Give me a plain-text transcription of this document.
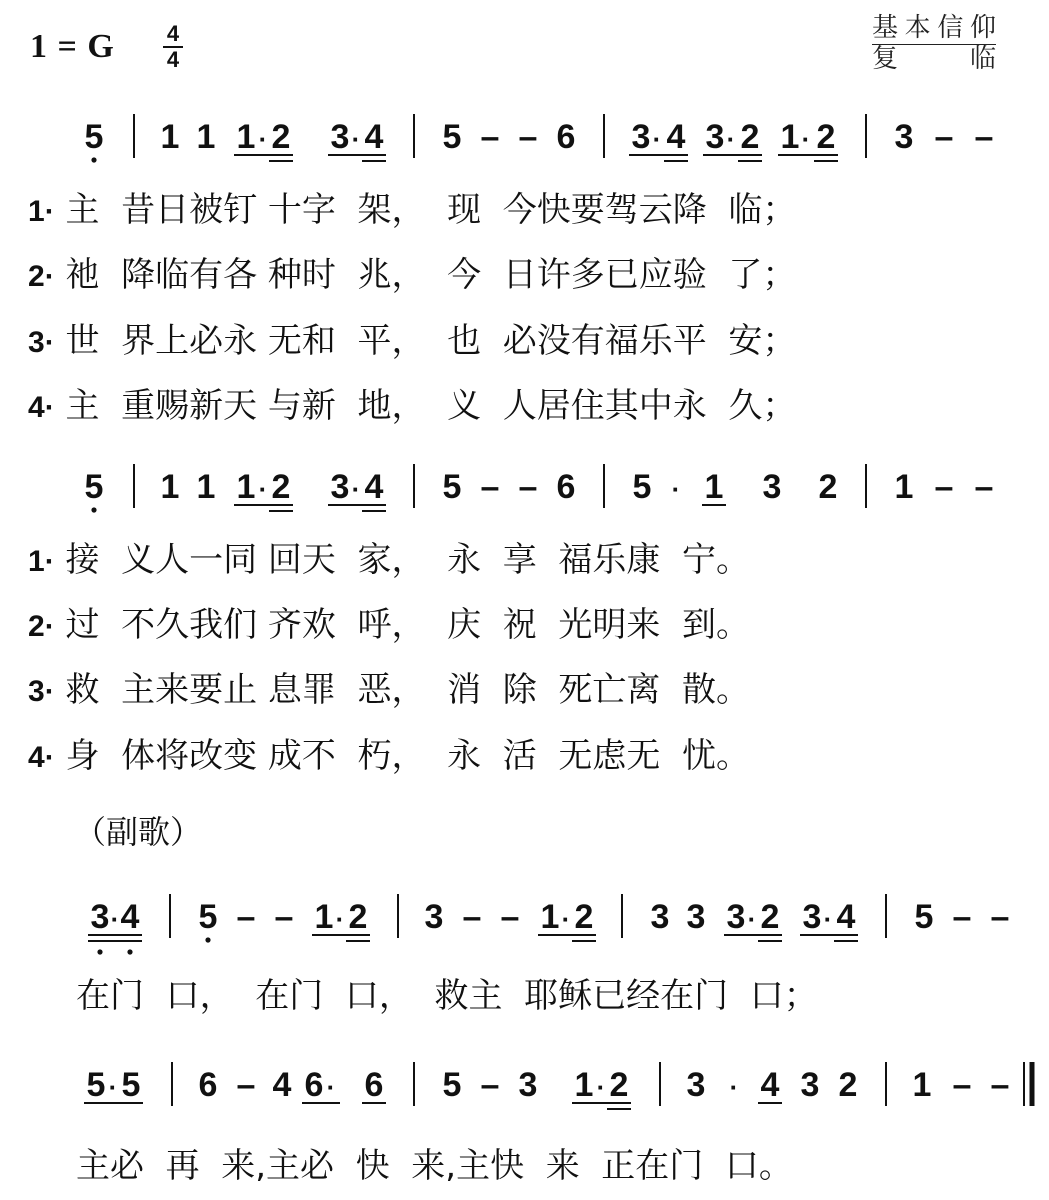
1 = G	4
4
基本信仰
复	临
5 1 1 1 · 2 3 · 4 5 – – 6 3 · 4 3 · 2 1 · 2 3 – –
5 1 1 1 · 2 3 · 4 5 – – 6 5 · 1 3 2 1 – –
3 · 4 5 – – 1 · 2 3 – – 1 · 2 3 3 3 · 2 3 · 4 5 – –
5 · 5 6 – 4 6 · 6 5 – 3 1 · 2 3 · 4 3 2 1 – –
1· 主  昔日被钉 十字  架，  现  今快要驾云降  临；
2· 祂  降临有各 种时  兆，  今  日许多已应验  了；
3· 世  界上必永 无和  平，  也  必没有福乐平  安；
4· 主  重赐新天 与新  地，  义  人居住其中永  久；
1· 接  义人一同 回天  家，  永  享  福乐康  宁。
2· 过  不久我们 齐欢  呼，  庆  祝  光明来  到。
3· 救  主来要止 息罪  恶，  消  除  死亡离  散。
4· 身  体将改变 成不  朽，  永  活  无虑无  忧。
（副歌）
在门  口，  在门  口，  救主  耶稣已经在门  口；
主必  再  来,主必  快  来,主快  来  正在门  口。
